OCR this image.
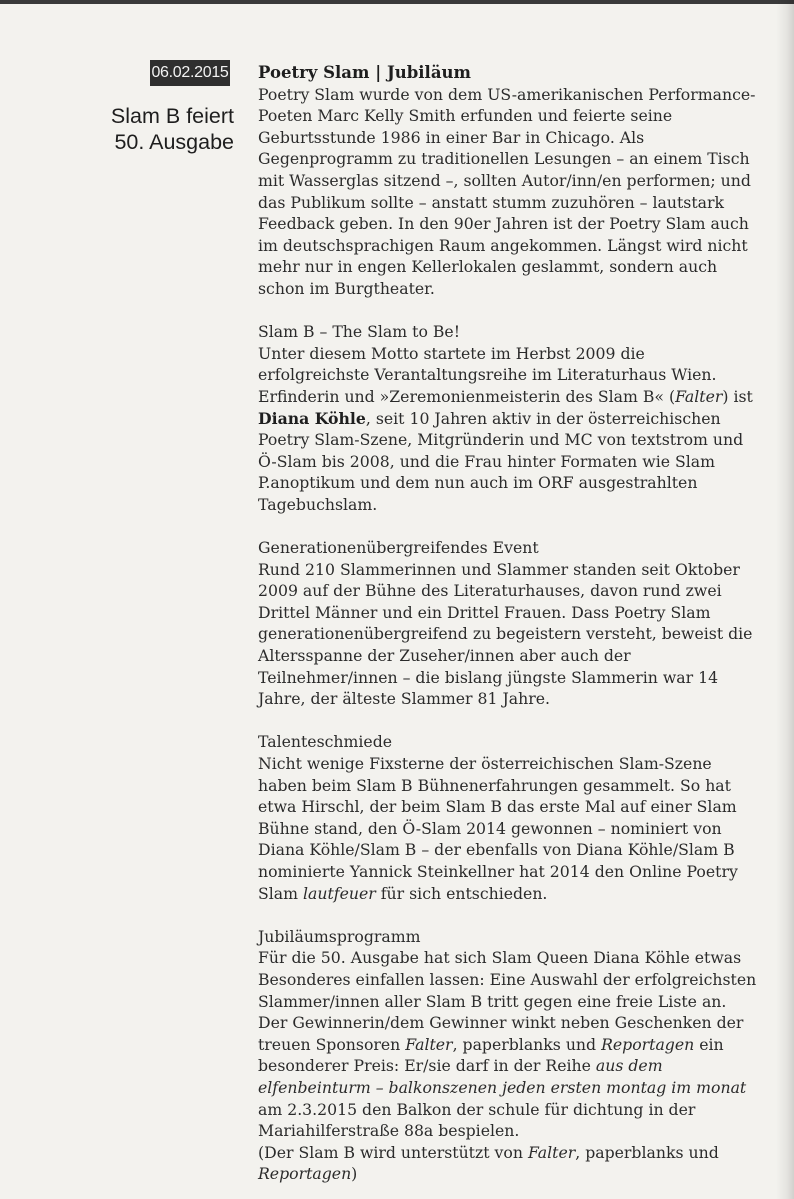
06.02.2015
Slam B feiert
50. Ausgabe

Poetry Slam | Jubiläum

Poetry Slam wurde von dem US-amerikanischen Performance-Poeten Marc Kelly Smith erfunden und feierte seine Geburtsstunde 1986 in einer Bar in Chicago. Als Gegenprogramm zu traditionellen Lesungen – an einem Tisch mit Wasserglas sitzend –, sollten Autor/inn/en performen; und das Publikum sollte – anstatt stumm zuzuhören – lautstark Feedback geben. In den 90er Jahren ist der Poetry Slam auch im deutschsprachigen Raum angekommen. Längst wird nicht mehr nur in engen Kellerlokalen geslammt, sondern auch schon im Burgtheater.

Slam B – The Slam to Be!

Unter diesem Motto startete im Herbst 2009 die erfolgreichste Verantaltungsreihe im Literaturhaus Wien. Erfinderin und »Zeremonienmeisterin des Slam B« (Falter) ist Diana Köhle, seit 10 Jahren aktiv in der österreichischen Poetry Slam-Szene, Mitgründerin und MC von textstrom und Ö-Slam bis 2008, und die Frau hinter Formaten wie Slam P.anoptikum und dem nun auch im ORF ausgestrahlten Tagebuchslam.

Generationenübergreifendes Event

Rund 210 Slammerinnen und Slammer standen seit Oktober 2009 auf der Bühne des Literaturhauses, davon rund zwei Drittel Männer und ein Drittel Frauen. Dass Poetry Slam generationenübergreifend zu begeistern versteht, beweist die Altersspanne der Zuseher/innen aber auch der Teilnehmer/innen – die bislang jüngste Slammerin war 14 Jahre, der älteste Slammer 81 Jahre.

Talenteschmiede

Nicht wenige Fixsterne der österreichischen Slam-Szene haben beim Slam B Bühnenerfahrungen gesammelt. So hat etwa Hirschl, der beim Slam B das erste Mal auf einer Slam Bühne stand, den Ö-Slam 2014 gewonnen – nominiert von Diana Köhle/Slam B – der ebenfalls von Diana Köhle/Slam B nominierte Yannick Steinkellner hat 2014 den Online Poetry Slam lautfeuer für sich entschieden.

Jubiläumsprogramm

Für die 50. Ausgabe hat sich Slam Queen Diana Köhle etwas Besonderes einfallen lassen: Eine Auswahl der erfolgreichsten Slammer/innen aller Slam B tritt gegen eine freie Liste an. Der Gewinnerin/dem Gewinner winkt neben Geschenken der treuen Sponsoren Falter, paperblanks und Reportagen ein besonderer Preis: Er/sie darf in der Reihe aus dem elfenbeinturm – balkonszenen jeden ersten montag im monat am 2.3.2015 den Balkon der schule für dichtung in der Mariahilferstraße 88a bespielen.

(Der Slam B wird unterstützt von Falter, paperblanks und Reportagen)
